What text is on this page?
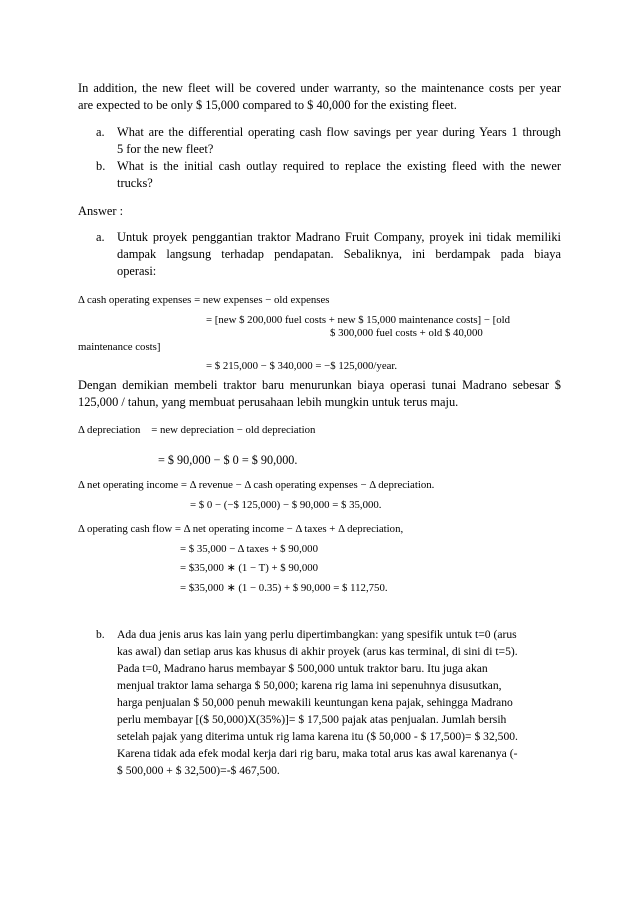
In addition, the new fleet will be covered under warranty, so the maintenance costs per year
are expected to be only $ 15,000 compared to $ 40,000 for the existing fleet.
a. What are the differential operating cash flow savings per year during Years 1 through
5 for the new fleet?
b. What is the initial cash outlay required to replace the existing fleed with the newer
trucks?
Answer :
a. Untuk proyek penggantian traktor Madrano Fruit Company, proyek ini tidak memiliki
dampak langsung terhadap pendapatan. Sebaliknya, ini berdampak pada biaya
operasi:
Δ cash operating expenses = new expenses − old expenses
= [new $ 200,000 fuel costs + new $ 15,000 maintenance costs] − [old
$ 300,000 fuel costs + old $ 40,000
maintenance costs]
= $ 215,000 − $ 340,000 = −$ 125,000/year.
Dengan demikian membeli traktor baru menurunkan biaya operasi tunai Madrano sebesar $
125,000 / tahun, yang membuat perusahaan lebih mungkin untuk terus maju.
Δ depreciation    = new depreciation − old depreciation
= $ 90,000 − $ 0 = $ 90,000.
Δ net operating income = Δ revenue − Δ cash operating expenses − Δ depreciation.
= $ 0 − (−$ 125,000) − $ 90,000 = $ 35,000.
Δ operating cash flow = Δ net operating income − Δ taxes + Δ depreciation,
= $ 35,000 − Δ taxes + $ 90,000
= $35,000 ∗ (1 − T) + $ 90,000
= $35,000 ∗ (1 − 0.35) + $ 90,000 = $ 112,750.
b. Ada dua jenis arus kas lain yang perlu dipertimbangkan: yang spesifik untuk t=0 (arus
kas awal) dan setiap arus kas khusus di akhir proyek (arus kas terminal, di sini di t=5).
Pada t=0, Madrano harus membayar $ 500,000 untuk traktor baru. Itu juga akan
menjual traktor lama seharga $ 50,000; karena rig lama ini sepenuhnya disusutkan,
harga penjualan $ 50,000 penuh mewakili keuntungan kena pajak, sehingga Madrano
perlu membayar [($ 50,000)X(35%)]= $ 17,500 pajak atas penjualan. Jumlah bersih
setelah pajak yang diterima untuk rig lama karena itu ($ 50,000 - $ 17,500)= $ 32,500.
Karena tidak ada efek modal kerja dari rig baru, maka total arus kas awal karenanya (-
$ 500,000 + $ 32,500)=-$ 467,500.
